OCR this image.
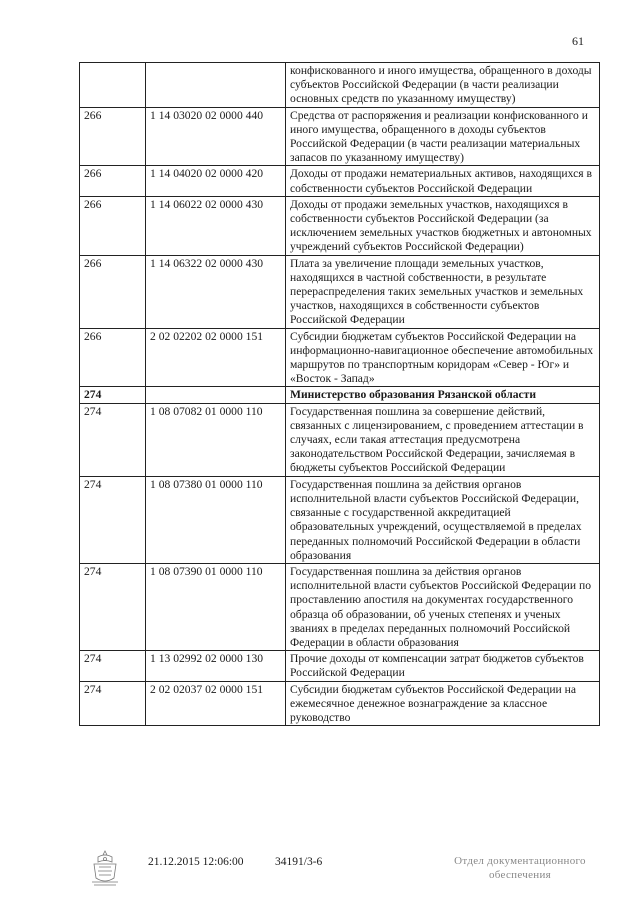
61
		конфискованного и иного имущества, обращенного в доходы субъектов Российской Федерации (в части реализации основных средств по указанному имуществу)
266	1 14 03020 02 0000 440	Средства от распоряжения и реализации конфискованного и иного имущества, обращенного в доходы субъектов Российской Федерации (в части реализации материальных запасов по указанному имуществу)
266	1 14 04020 02 0000 420	Доходы от продажи нематериальных активов, находящихся в собственности субъектов Российской Федерации
266	1 14 06022 02 0000 430	Доходы от продажи земельных участков, находящихся в собственности субъектов Российской Федерации (за исключением земельных участков бюджетных и автономных учреждений субъектов Российской Федерации)
266	1 14 06322 02 0000 430	Плата за увеличение площади земельных участков, находящихся в частной собственности, в результате перераспределения таких земельных участков и земельных участков, находящихся в собственности субъектов Российской Федерации
266	2 02 02202 02 0000 151	Субсидии бюджетам субъектов Российской Федерации на информационно-навигационное обеспечение автомобильных маршрутов по транспортным коридорам «Север - Юг» и «Восток - Запад»
274		Министерство образования Рязанской области
274	1 08 07082 01 0000 110	Государственная пошлина за совершение действий, связанных с лицензированием, с проведением аттестации в случаях, если такая аттестация предусмотрена законодательством Российской Федерации, зачисляемая в бюджеты субъектов Российской Федерации
274	1 08 07380 01 0000 110	Государственная пошлина за действия органов исполнительной власти субъектов Российской Федерации, связанные с государственной аккредитацией образовательных учреждений, осуществляемой в пределах переданных полномочий Российской Федерации в области образования
274	1 08 07390 01 0000 110	Государственная пошлина за действия органов исполнительной власти субъектов Российской Федерации по проставлению апостиля на документах государственного образца об образовании, об ученых степенях и ученых званиях в пределах переданных полномочий Российской Федерации в области образования
274	1 13 02992 02 0000 130	Прочие доходы от компенсации затрат бюджетов субъектов Российской Федерации
274	2 02 02037 02 0000 151	Субсидии бюджетам субъектов Российской Федерации на ежемесячное денежное вознаграждение за классное руководство
21.12.2015 12:06:00	34191/3-6	Отдел документационного
обеспечения
